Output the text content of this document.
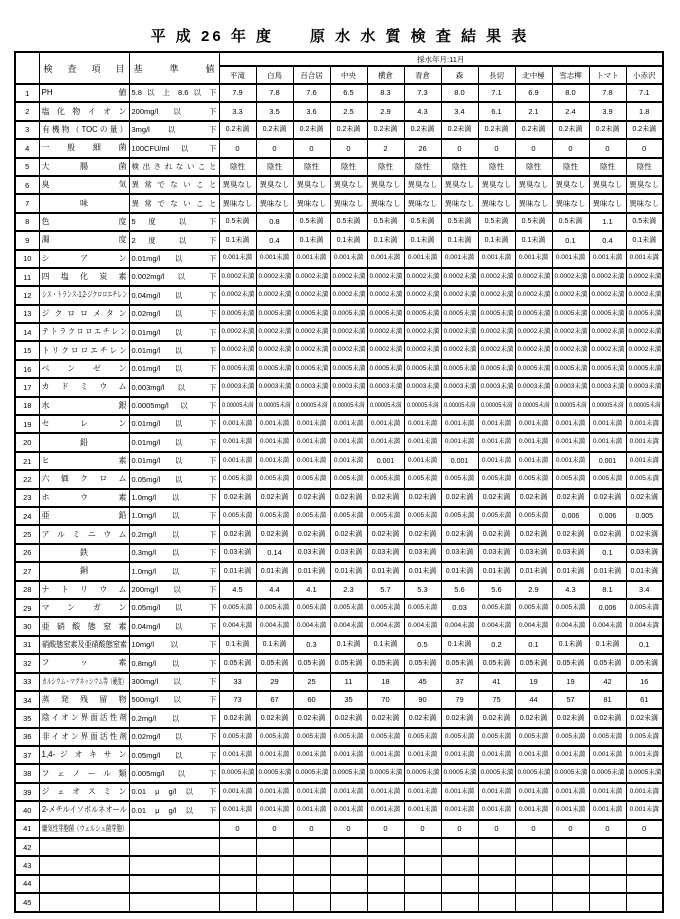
平 成 26 年 度　　原 水 水 質 検 査 結 果 表
	検 査 項 目	基 準 値	採水年月:11月											
			平滝	白鳥	百合居	中央	横倉	青倉	森	長切	北中極	雪志柳	トマト	小赤沢
1	PH 値	5.8 以 上 8.6 以 下	7.9	7.8	7.6	6.5	8.3	7.3	8.0	7.1	6.9	8.0	7.8	7.1

2	塩 化 物 イ オ ン	200mg/l 以 下	3.3	3.5	3.6	2.5	2.9	4.3	3.4	6.1	2.1	2.4	3.9	1.8

3	有 機 物 （ TOC の 量 ）	3mg/l 以 下	0.2未満	0.2未満	0.2未満	0.2未満	0.2未満	0.2未満	0.2未満	0.2未満	0.2未満	0.2未満	0.2未満	0.2未満

4	一 般 細 菌	100CFU/ml 以 下	0	0	0	0	2	26	0	0	0	0	0	0

5	大 腸 菌	検 出 さ れ な い こ と	陰性	陰性	陰性	陰性	陰性	陰性	陰性	陰性	陰性	陰性	陰性	陰性

6	臭 気	異 常 で な い こ と	異臭なし	異臭なし	異臭なし	異臭なし	異臭なし	異臭なし	異臭なし	異臭なし	異臭なし	異臭なし	異臭なし	異臭なし

7	味	異 常 で な い こ と	異味なし	異味なし	異味なし	異味なし	異味なし	異味なし	異味なし	異味なし	異味なし	異味なし	異味なし	異味なし

8	色 度	5 度 以 下	0.5未満	0.8	0.5未満	0.5未満	0.5未満	0.5未満	0.5未満	0.5未満	0.5未満	0.5未満	1.1	0.5未満

9	濁 度	2 度 以 下	0.1未満	0.4	0.1未満	0.1未満	0.1未満	0.1未満	0.1未満	0.1未満	0.1未満	0.1	0.4	0.1未満

10	シ ア ン	0.01mg/l 以 下	0.001未満	0.001未満	0.001未満	0.001未満	0.001未満	0.001未満	0.001未満	0.001未満	0.001未満	0.001未満	0.001未満	0.001未満

11	四 塩 化 炭 素	0.002mg/l 以 下	0.0002未満	0.0002未満	0.0002未満	0.0002未満	0.0002未満	0.0002未満	0.0002未満	0.0002未満	0.0002未満	0.0002未満	0.0002未満	0.0002未満

12	シス・トランス-1,2-ジクロロエチレン	0.04mg/l 以 下	0.0002未満	0.0002未満	0.0002未満	0.0002未満	0.0002未満	0.0002未満	0.0002未満	0.0002未満	0.0002未満	0.0002未満	0.0002未満	0.0002未満

13	ジ ク ロ ロ メ タ ン	0.02mg/l 以 下	0.0005未満	0.0005未満	0.0005未満	0.0005未満	0.0005未満	0.0005未満	0.0005未満	0.0005未満	0.0005未満	0.0005未満	0.0005未満	0.0005未満

14	テ ト ラ ク ロ ロ エ チ レ ン	0.01mg/l 以 下	0.0002未満	0.0002未満	0.0002未満	0.0002未満	0.0002未満	0.0002未満	0.0002未満	0.0002未満	0.0002未満	0.0002未満	0.0002未満	0.0002未満

15	ト リ ク ロ ロ エ チ レ ン	0.01mg/l 以 下	0.0002未満	0.0002未満	0.0002未満	0.0002未満	0.0002未満	0.0002未満	0.0002未満	0.0002未満	0.0002未満	0.0002未満	0.0002未満	0.0002未満

16	ベ ン ゼ ン	0.01mg/l 以 下	0.0005未満	0.0005未満	0.0005未満	0.0005未満	0.0005未満	0.0005未満	0.0005未満	0.0005未満	0.0005未満	0.0005未満	0.0005未満	0.0005未満

17	カ ド ミ ウ ム	0.003mg/l 以 下	0.0003未満	0.0003未満	0.0003未満	0.0003未満	0.0003未満	0.0003未満	0.0003未満	0.0003未満	0.0003未満	0.0003未満	0.0003未満	0.0003未満

18	水 銀	0.0005mg/l 以 下	0.00005未満	0.00005未満	0.00005未満	0.00005未満	0.00005未満	0.00005未満	0.00005未満	0.00005未満	0.00005未満	0.00005未満	0.00005未満	0.00005未満

19	セ レ ン	0.01mg/l 以 下	0.001未満	0.001未満	0.001未満	0.001未満	0.001未満	0.001未満	0.001未満	0.001未満	0.001未満	0.001未満	0.001未満	0.001未満

20	鉛	0.01mg/l 以 下	0.001未満	0.001未満	0.001未満	0.001未満	0.001未満	0.001未満	0.001未満	0.001未満	0.001未満	0.001未満	0.001未満	0.001未満

21	ヒ 素	0.01mg/l 以 下	0.001未満	0.001未満	0.001未満	0.001未満	0.001	0.001未満	0.001	0.001未満	0.001未満	0.001未満	0.001	0.001未満

22	六 価 ク ロ ム	0.05mg/l 以 下	0.005未満	0.005未満	0.005未満	0.005未満	0.005未満	0.005未満	0.005未満	0.005未満	0.005未満	0.005未満	0.005未満	0.005未満

23	ホ ウ 素	1.0mg/l 以 下	0.02未満	0.02未満	0.02未満	0.02未満	0.02未満	0.02未満	0.02未満	0.02未満	0.02未満	0.02未満	0.02未満	0.02未満

24	亜 鉛	1.0mg/l 以 下	0.005未満	0.005未満	0.005未満	0.005未満	0.005未満	0.005未満	0.005未満	0.005未満	0.005未満	0.006	0.006	0.005

25	ア ル ミ ニ ウ ム	0.2mg/l 以 下	0.02未満	0.02未満	0.02未満	0.02未満	0.02未満	0.02未満	0.02未満	0.02未満	0.02未満	0.02未満	0.02未満	0.02未満

26	鉄	0.3mg/l 以 下	0.03未満	0.14	0.03未満	0.03未満	0.03未満	0.03未満	0.03未満	0.03未満	0.03未満	0.03未満	0.1	0.03未満

27	銅	1.0mg/l 以 下	0.01未満	0.01未満	0.01未満	0.01未満	0.01未満	0.01未満	0.01未満	0.01未満	0.01未満	0.01未満	0.01未満	0.01未満

28	ナ ト リ ウ ム	200mg/l 以 下	4.5	4.4	4.1	2.3	5.7	5.3	5.6	5.6	2.9	4.3	8.1	3.4

29	マ ン ガ ン	0.05mg/l 以 下	0.005未満	0.005未満	0.005未満	0.005未満	0.005未満	0.005未満	0.03	0.005未満	0.005未満	0.005未満	0.006	0.005未満

30	亜 硝 酸 態 窒 素	0.04mg/l 以 下	0.004未満	0.004未満	0.004未満	0.004未満	0.004未満	0.004未満	0.004未満	0.004未満	0.004未満	0.004未満	0.004未満	0.004未満

31	硝酸態窒素及亜硝酸態窒素	10mg/l 以 下	0.1未満	0.1未満	0.3	0.1未満	0.1未満	0.5	0.1未満	0.2	0.1	0.1未満	0.1未満	0.1

32	フ ッ 素	0.8mg/l 以 下	0.05未満	0.05未満	0.05未満	0.05未満	0.05未満	0.05未満	0.05未満	0.05未満	0.05未満	0.05未満	0.05未満	0.05未満

33	カルシウム・マグネッシウム等（硬度）	300mg/l 以 下	33	29	25	11	18	45	37	41	19	19	42	16

34	蒸 発 残 留 物	500mg/l 以 下	73	67	60	35	70	90	79	75	44	57	81	61

35	陰 イ オ ン 界 面 活 性 剤	0.2mg/l 以 下	0.02未満	0.02未満	0.02未満	0.02未満	0.02未満	0.02未満	0.02未満	0.02未満	0.02未満	0.02未満	0.02未満	0.02未満

36	非 イ オ ン 界 面 活 性 剤	0.02mg/l 以 下	0.005未満	0.005未満	0.005未満	0.005未満	0.005未満	0.005未満	0.005未満	0.005未満	0.005未満	0.005未満	0.005未満	0.005未満

37	1,4- ジ オ キ サ ン	0.05mg/l 以 下	0.001未満	0.001未満	0.001未満	0.001未満	0.001未満	0.001未満	0.001未満	0.001未満	0.001未満	0.001未満	0.001未満	0.001未満

38	フ ェ ノ ー ル 類	0.005mg/l 以 下	0.0005未満	0.0005未満	0.0005未満	0.0005未満	0.0005未満	0.0005未満	0.0005未満	0.0005未満	0.0005未満	0.0005未満	0.0005未満	0.0005未満

39	ジ ェ オ ス ミ ン	0.01 μ g/l 以 下	0.001未満	0.001未満	0.001未満	0.001未満	0.001未満	0.001未満	0.001未満	0.001未満	0.001未満	0.001未満	0.001未満	0.001未満

40	2-メチルイソボルネオール	0.01 μ g/l 以 下	0.001未満	0.001未満	0.001未満	0.001未満	0.001未満	0.001未満	0.001未満	0.001未満	0.001未満	0.001未満	0.001未満	0.001未満

41	嫌気性芽胞菌（ウェルシュ菌芽胞）		0	0	0	0	0	0	0	0	0	0	0	0

42	

43	

44	

45	
